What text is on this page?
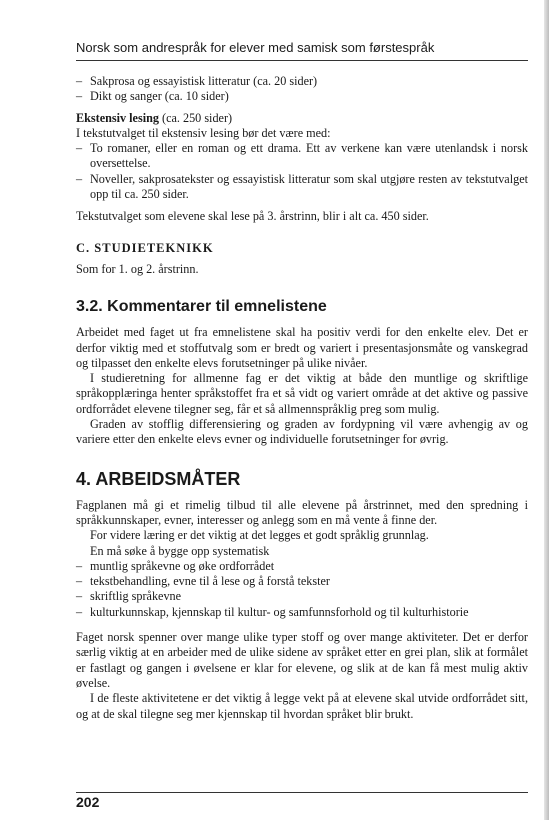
Norsk som andrespråk for elever med samisk som førstespråk

– Sakprosa og essayistisk litteratur (ca. 20 sider)

– Dikt og sanger (ca. 10 sider)

Ekstensiv lesing (ca. 250 sider)

I tekstutvalget til ekstensiv lesing bør det være med:

– To romaner, eller en roman og ett drama. Ett av verkene kan være utenlandsk i norsk oversettelse.

– Noveller, sakprosatekster og essayistisk litteratur som skal utgjøre resten av tekstutvalget opp til ca. 250 sider.

Tekstutvalget som elevene skal lese på 3. årstrinn, blir i alt ca. 450 sider.

C. STUDIETEKNIKK

Som for 1. og 2. årstrinn.

3.2. Kommentarer til emnelistene

Arbeidet med faget ut fra emnelistene skal ha positiv verdi for den enkelte elev. Det er derfor viktig med et stoffutvalg som er bredt og variert i presentasjonsmåte og vanskegrad og tilpasset den enkelte elevs forutsetninger på ulike nivåer.

I studieretning for allmenne fag er det viktig at både den muntlige og skriftlige språkopplæringa henter språkstoffet fra et så vidt og variert område at det aktive og passive ordforrådet elevene tilegner seg, får et så allmennspråklig preg som mulig.

Graden av stofflig differensiering og graden av fordypning vil være avhengig av og variere etter den enkelte elevs evner og individuelle forutsetninger for øvrig.

4. ARBEIDSMÅTER

Fagplanen må gi et rimelig tilbud til alle elevene på årstrinnet, med den spredning i språkkunnskaper, evner, interesser og anlegg som en må vente å finne der.

For videre læring er det viktig at det legges et godt språklig grunnlag.

En må søke å bygge opp systematisk

– muntlig språkevne og øke ordforrådet

– tekstbehandling, evne til å lese og å forstå tekster

– skriftlig språkevne

– kulturkunnskap, kjennskap til kultur- og samfunnsforhold og til kulturhistorie

Faget norsk spenner over mange ulike typer stoff og over mange aktiviteter. Det er derfor særlig viktig at en arbeider med de ulike sidene av språket etter en grei plan, slik at formålet er fastlagt og gangen i øvelsene er klar for elevene, og slik at de kan få mest mulig aktiv øvelse.

I de fleste aktivitetene er det viktig å legge vekt på at elevene skal utvide ordforrådet sitt, og at de skal tilegne seg mer kjennskap til hvordan språket blir brukt.

202
